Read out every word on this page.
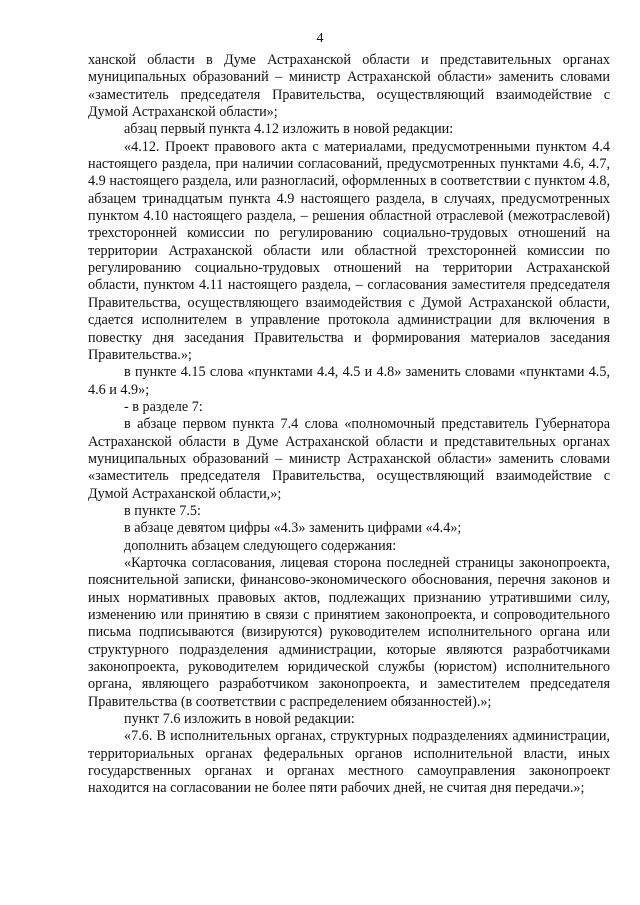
4

ханской области в Думе Астраханской области и представительных органах муниципальных образований – министр Астраханской области» заменить словами «заместитель председателя Правительства, осуществляющий взаимодействие с Думой Астраханской области»;

абзац первый пункта 4.12 изложить в новой редакции:

«4.12. Проект правового акта с материалами, предусмотренными пунктом 4.4 настоящего раздела, при наличии согласований, предусмотренных пунктами 4.6, 4.7, 4.9 настоящего раздела, или разногласий, оформленных в соответствии с пунктом 4.8, абзацем тринадцатым пункта 4.9 настоящего раздела, в случаях, предусмотренных пунктом 4.10 настоящего раздела, – решения областной отраслевой (межотраслевой) трехсторонней комиссии по регулированию социально-трудовых отношений на территории Астраханской области или областной трехсторонней комиссии по регулированию социально-трудовых отношений на территории Астраханской области, пунктом 4.11 настоящего раздела, – согласования заместителя председателя Правительства, осуществляющего взаимодействия с Думой Астраханской области, сдается исполнителем в управление протокола администрации для включения в повестку дня заседания Правительства и формирования материалов заседания Правительства.»;

в пункте 4.15 слова «пунктами 4.4, 4.5 и 4.8» заменить словами «пунктами 4.5, 4.6 и 4.9»;

- в разделе 7:

в абзаце первом пункта 7.4 слова «полномочный представитель Губернатора Астраханской области в Думе Астраханской области и представительных органах муниципальных образований – министр Астраханской области» заменить словами «заместитель председателя Правительства, осуществляющий взаимодействие с Думой Астраханской области,»;

в пункте 7.5:

в абзаце девятом цифры «4.3» заменить цифрами «4.4»;

дополнить абзацем следующего содержания:

«Карточка согласования, лицевая сторона последней страницы законопроекта, пояснительной записки, финансово-экономического обоснования, перечня законов и иных нормативных правовых актов, подлежащих признанию утратившими силу, изменению или принятию в связи с принятием законопроекта, и сопроводительного письма подписываются (визируются) руководителем исполнительного органа или структурного подразделения администрации, которые являются разработчиками законопроекта, руководителем юридической службы (юристом) исполнительного органа, являющего разработчиком законопроекта, и заместителем председателя Правительства (в соответствии с распределением обязанностей).»;

пункт 7.6 изложить в новой редакции:

«7.6. В исполнительных органах, структурных подразделениях администрации, территориальных органах федеральных органов исполнительной власти, иных государственных органах и органах местного самоуправления законопроект находится на согласовании не более пяти рабочих дней, не считая дня передачи.»;
